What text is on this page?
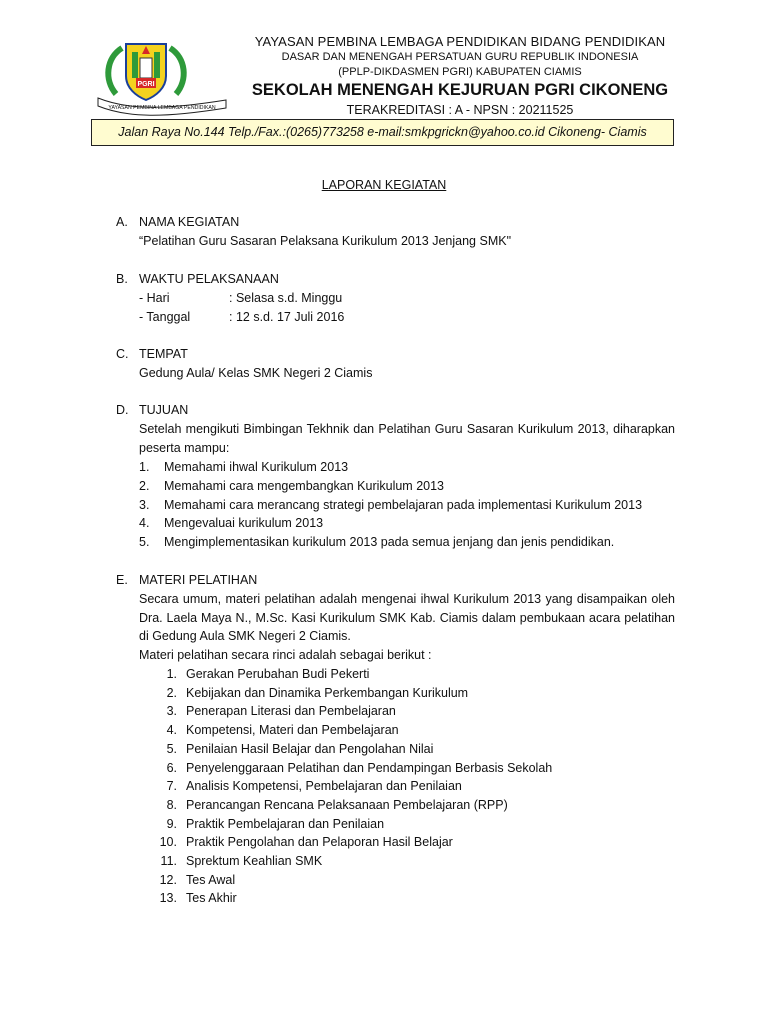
PGRI
YAYASAN PEMBINA LEMBAGA PENDIDIKAN
YAYASAN PEMBINA LEMBAGA PENDIDIKAN BIDANG PENDIDIKAN
DASAR DAN MENENGAH PERSATUAN GURU REPUBLIK INDONESIA
(PPLP-DIKDASMEN PGRI) KABUPATEN CIAMIS
SEKOLAH MENENGAH KEJURUAN PGRI CIKONENG
TERAKREDITASI : A - NPSN : 20211525
Jalan Raya No.144 Telp./Fax.:(0265)773258 e-mail:smkpgrickn@yahoo.co.id Cikoneng- Ciamis
LAPORAN KEGIATAN
A. NAMA KEGIATAN
“Pelatihan Guru Sasaran Pelaksana Kurikulum 2013 Jenjang SMK"
B. WAKTU PELAKSANAAN
- Hari	: Selasa s.d. Minggu
- Tanggal	: 12 s.d. 17 Juli 2016
C. TEMPAT
Gedung Aula/ Kelas SMK Negeri 2 Ciamis
D. TUJUAN
Setelah mengikuti Bimbingan Tekhnik dan Pelatihan Guru Sasaran Kurikulum 2013, diharapkan peserta mampu:
1. Memahami ihwal Kurikulum 2013
2. Memahami cara mengembangkan Kurikulum 2013
3. Memahami cara merancang strategi pembelajaran pada implementasi Kurikulum 2013
4. Mengevaluai kurikulum 2013
5. Mengimplementasikan kurikulum 2013 pada semua jenjang dan jenis pendidikan.
E. MATERI PELATIHAN
Secara umum, materi pelatihan adalah mengenai ihwal Kurikulum 2013 yang disampaikan oleh Dra. Laela Maya N., M.Sc. Kasi Kurikulum SMK Kab. Ciamis dalam pembukaan acara pelatihan di Gedung Aula SMK Negeri 2 Ciamis.
Materi pelatihan secara rinci adalah sebagai berikut :
1. Gerakan Perubahan Budi Pekerti
2. Kebijakan dan Dinamika Perkembangan Kurikulum
3. Penerapan Literasi dan Pembelajaran
4. Kompetensi, Materi dan Pembelajaran
5. Penilaian Hasil Belajar dan Pengolahan Nilai
6. Penyelenggaraan Pelatihan dan Pendampingan Berbasis Sekolah
7. Analisis Kompetensi, Pembelajaran dan Penilaian
8. Perancangan Rencana Pelaksanaan Pembelajaran (RPP)
9. Praktik Pembelajaran dan Penilaian
10. Praktik Pengolahan dan Pelaporan Hasil Belajar
11. Sprektum Keahlian SMK
12. Tes Awal
13. Tes Akhir
